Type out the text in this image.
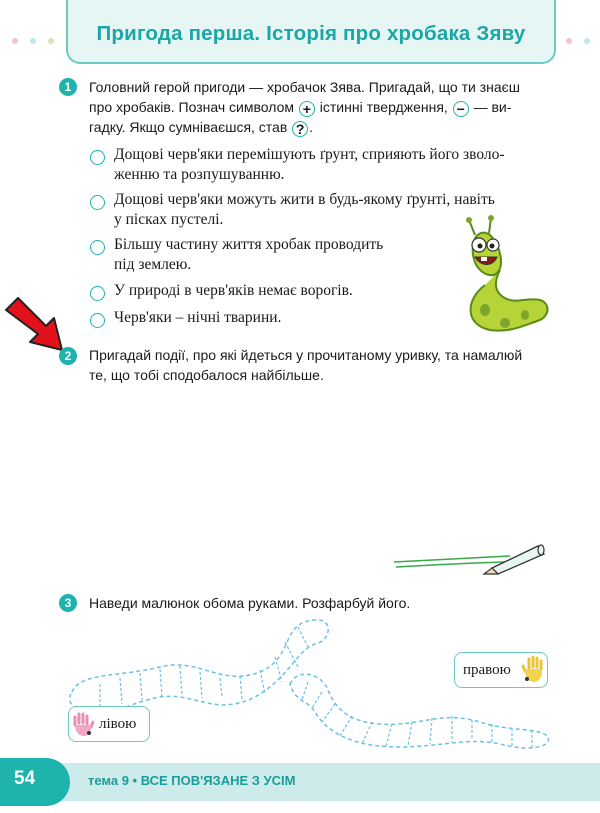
Пригода перша. Історія про хробака Зяву
1	Головний герой пригоди — хробачок Зява. Пригадай, що ти знаєш
про хробаків. Познач символом + істинні твердження, − — ви-
гадку. Якщо сумніваєшся, став ? .
Дощові черв'яки перемішують ґрунт, сприяють його зволо-
женню та розпушуванню.
Дощові черв'яки можуть жити в будь-якому ґрунті, навіть
у пісках пустелі.
Більшу частину життя хробак проводить
під землею.
У природі в черв'яків немає ворогів.
Черв'яки – нічні тварини.
2	Пригадай події, про які йдеться у прочитаному уривку, та намалюй
те, що тобі сподобалося найбільше.
3	Наведи малюнок обома руками. Розфарбуй його.
лівою
правою
54	тема 9 • ВСЕ ПОВ'ЯЗАНЕ З УСІМ
